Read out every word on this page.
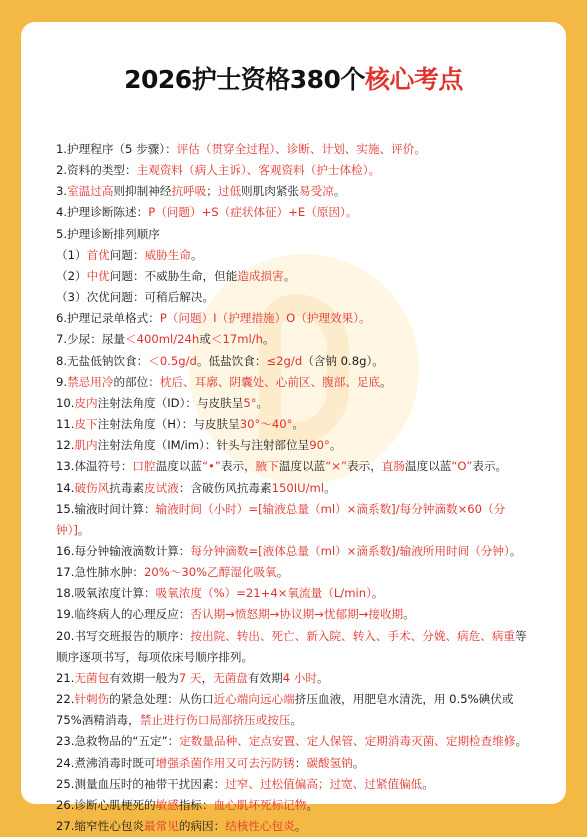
2026护士资格380个核心考点
1.护理程序（5 步骤）：评估（贯穿全过程）、诊断、计划、实施、评价。
2.资料的类型：主观资料（病人主诉）、客观资料（护士体检）。
3.室温过高则抑制神经抗呼吸；过低则肌肉紧张易受凉。
4.护理诊断陈述：P（问题）+S（症状体征）+E（原因）。
5.护理诊断排列顺序
（1）首优问题：威胁生命。
（2）中优问题：不威胁生命，但能造成损害。
（3）次优问题：可稍后解决。
6.护理记录单格式：P（问题）I（护理措施）O（护理效果）。
7.少尿：尿量＜400ml/24h或＜17ml/h。
8.无盐低钠饮食：＜0.5g/d。低盐饮食：≤2g/d（含钠 0.8g）。
9.禁忌用冷的部位：枕后、耳廓、阴囊处、心前区、腹部、足底。
10.皮内注射法角度（ID）：与皮肤呈5°。
11.皮下注射法角度（H）：与皮肤呈30°～40°。
12.肌内注射法角度（IM/im）：针头与注射部位呈90°。
13.体温符号：口腔温度以蓝“•”表示，腋下温度以蓝“×”表示，直肠温度以蓝“O”表示。
14.破伤风抗毒素皮试液：含破伤风抗毒素150IU/ml。
15.输液时间计算：输液时间（小时）=[输液总量（ml）×滴系数]/每分钟滴数×60（分钟）]。
16.每分钟输液滴数计算：每分钟滴数=[液体总量（ml）×滴系数]/输液所用时间（分钟）。
17.急性肺水肿：20%～30%乙醇湿化吸氧。
18.吸氧浓度计算：吸氧浓度（%）=21+4×氧流量（L/min）。
19.临终病人的心理反应：否认期→愤怒期→协议期→忧郁期→接收期。
20.书写交班报告的顺序：按出院、转出、死亡、新入院、转入、手术、分娩、病危、病重等顺序逐项书写，每项依床号顺序排列。
21.无菌包有效期一般为7 天，无菌盘有效期4 小时。
22.针刺伤的紧急处理：从伤口近心端向远心端挤压血液，用肥皂水清洗，用 0.5%碘伏或 75%酒精消毒，禁止进行伤口局部挤压或按压。
23.急救物品的“五定”：定数量品种、定点安置、定人保管、定期消毒灭菌、定期检查维修。
24.煮沸消毒时既可增强杀菌作用又可去污防锈：碳酸氢钠。
25.测量血压时的袖带干扰因素：过窄、过松值偏高；过宽、过紧值偏低。
26.诊断心肌梗死的敏感指标：血心肌坏死标记物。
27.缩窄性心包炎最常见的病因：结核性心包炎。
